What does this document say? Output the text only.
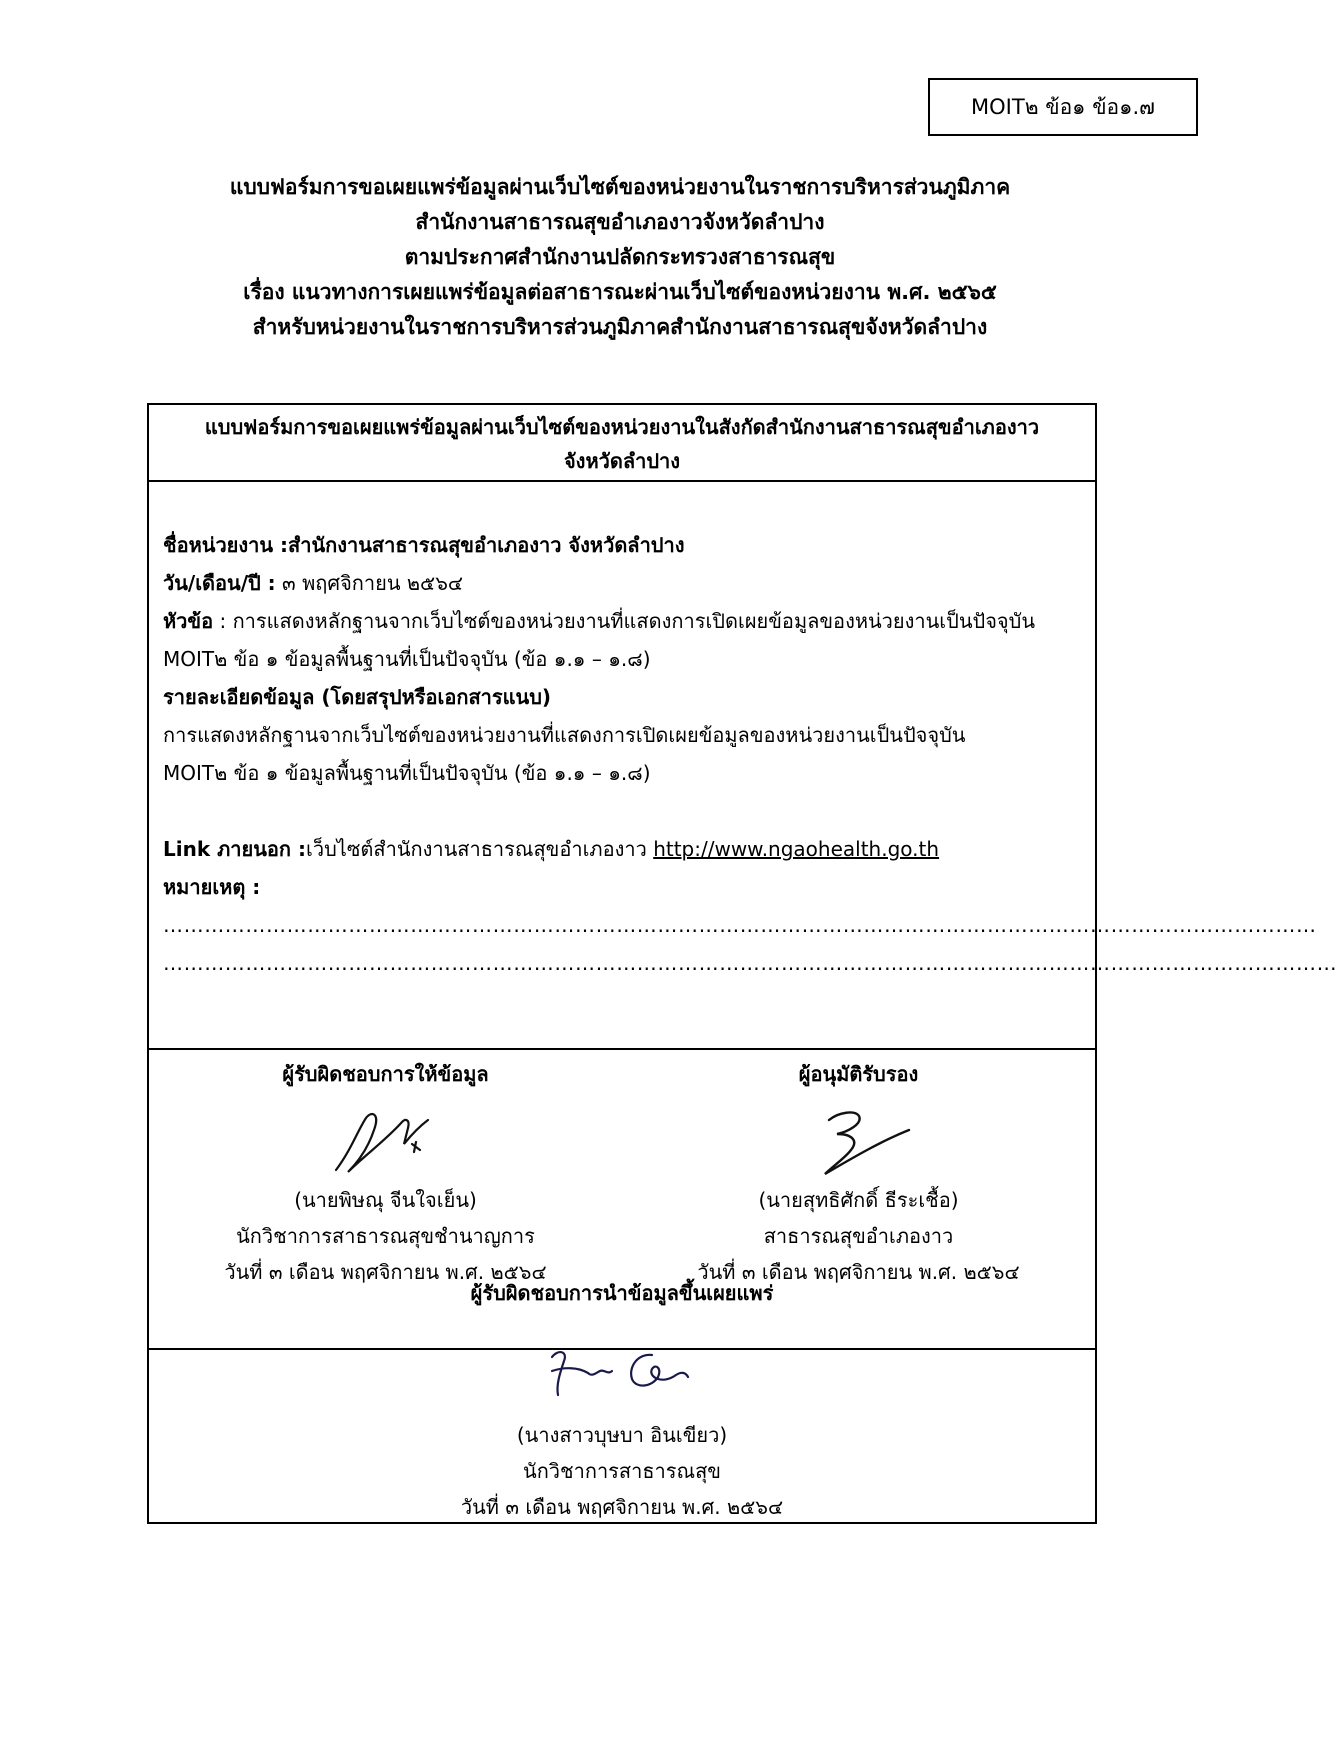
MOIT๒ ข้อ๑ ข้อ๑.๗
แบบฟอร์มการขอเผยแพร่ข้อมูลผ่านเว็บไซต์ของหน่วยงานในราชการบริหารส่วนภูมิภาค
สำนักงานสาธารณสุขอำเภองาวจังหวัดลำปาง
ตามประกาศสำนักงานปลัดกระทรวงสาธารณสุข
เรื่อง แนวทางการเผยแพร่ข้อมูลต่อสาธารณะผ่านเว็บไซต์ของหน่วยงาน พ.ศ. ๒๕๖๕
สำหรับหน่วยงานในราชการบริหารส่วนภูมิภาคสำนักงานสาธารณสุขจังหวัดลำปาง
แบบฟอร์มการขอเผยแพร่ข้อมูลผ่านเว็บไซต์ของหน่วยงานในสังกัดสำนักงานสาธารณสุขอำเภองาว
จังหวัดลำปาง
ชื่อหน่วยงาน :สำนักงานสาธารณสุขอำเภองาว จังหวัดลำปาง
วัน/เดือน/ปี : ๓ พฤศจิกายน ๒๕๖๔
หัวข้อ : การแสดงหลักฐานจากเว็บไซต์ของหน่วยงานที่แสดงการเปิดเผยข้อมูลของหน่วยงานเป็นปัจจุบัน
MOIT๒ ข้อ ๑ ข้อมูลพื้นฐานที่เป็นปัจจุบัน (ข้อ ๑.๑ – ๑.๘)
รายละเอียดข้อมูล (โดยสรุปหรือเอกสารแนบ)
การแสดงหลักฐานจากเว็บไซต์ของหน่วยงานที่แสดงการเปิดเผยข้อมูลของหน่วยงานเป็นปัจจุบัน
MOIT๒ ข้อ ๑ ข้อมูลพื้นฐานที่เป็นปัจจุบัน (ข้อ ๑.๑ – ๑.๘)
Link ภายนอก :เว็บไซต์สำนักงานสาธารณสุขอำเภองาว http://www.ngaohealth.go.th
หมายเหตุ :
……………………………………………………………………………………………………………………………………………………
………………………………………………………………………………………………………………………………………………………
ผู้รับผิดชอบการให้ข้อมูล
(นายพิษณุ จีนใจเย็น)
นักวิชาการสาธารณสุขชำนาญการ
วันที่ ๓ เดือน พฤศจิกายน พ.ศ. ๒๕๖๔
ผู้อนุมัติรับรอง
(นายสุทธิศักดิ์ ธีระเชื้อ)
สาธารณสุขอำเภองาว
วันที่ ๓ เดือน พฤศจิกายน พ.ศ. ๒๕๖๔
ผู้รับผิดชอบการนำข้อมูลขึ้นเผยแพร่
(นางสาวบุษบา อินเขียว)
นักวิชาการสาธารณสุข
วันที่ ๓ เดือน พฤศจิกายน พ.ศ. ๒๕๖๔
